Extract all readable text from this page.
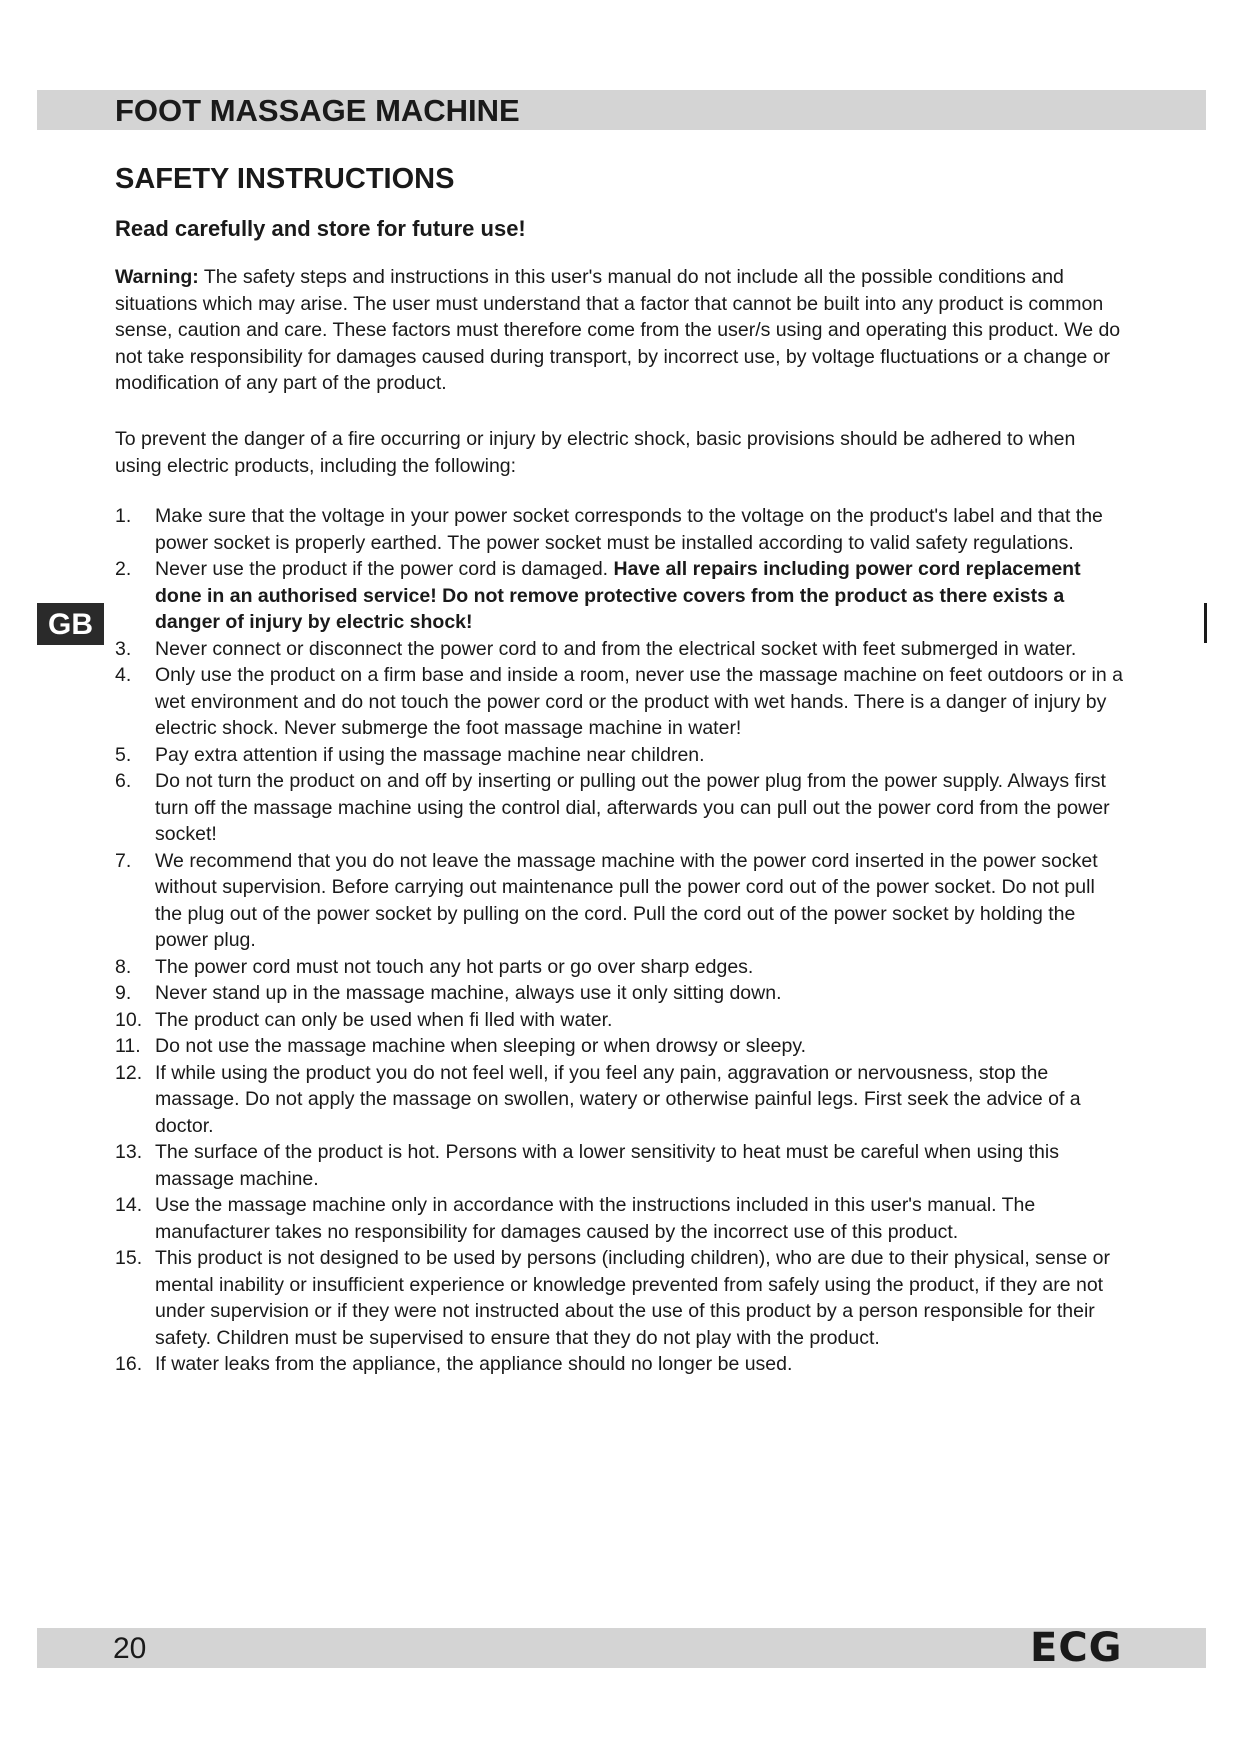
FOOT MASSAGE MACHINE
SAFETY INSTRUCTIONS
Read carefully and store for future use!

Warning: The safety steps and instructions in this user's manual do not include all the possible conditions and situations which may arise. The user must understand that a factor that cannot be built into any product is common sense, caution and care. These factors must therefore come from the user/s using and operating this product. We do not take responsibility for damages caused during transport, by incorrect use, by voltage fluctuations or a change or modification of any part of the product.

To prevent the danger of a fire occurring or injury by electric shock, basic provisions should be adhered to when using electric products, including the following:

1. Make sure that the voltage in your power socket corresponds to the voltage on the product's label and that the power socket is properly earthed. The power socket must be installed according to valid safety regulations.
2. Never use the product if the power cord is damaged. Have all repairs including power cord replacement done in an authorised service! Do not remove protective covers from the product as there exists a danger of injury by electric shock!
3. Never connect or disconnect the power cord to and from the electrical socket with feet submerged in water.
4. Only use the product on a firm base and inside a room, never use the massage machine on feet outdoors or in a wet environment and do not touch the power cord or the product with wet hands. There is a danger of injury by electric shock. Never submerge the foot massage machine in water!
5. Pay extra attention if using the massage machine near children.
6. Do not turn the product on and off by inserting or pulling out the power plug from the power supply. Always first turn off the massage machine using the control dial, afterwards you can pull out the power cord from the power socket!
7. We recommend that you do not leave the massage machine with the power cord inserted in the power socket without supervision. Before carrying out maintenance pull the power cord out of the power socket. Do not pull the plug out of the power socket by pulling on the cord. Pull the cord out of the power socket by holding the power plug.
8. The power cord must not touch any hot parts or go over sharp edges.
9. Never stand up in the massage machine, always use it only sitting down.
10. The product can only be used when fi lled with water.
11. Do not use the massage machine when sleeping or when drowsy or sleepy.
12. If while using the product you do not feel well, if you feel any pain, aggravation or nervousness, stop the massage. Do not apply the massage on swollen, watery or otherwise painful legs. First seek the advice of a doctor.
13. The surface of the product is hot. Persons with a lower sensitivity to heat must be careful when using this massage machine.
14. Use the massage machine only in accordance with the instructions included in this user's manual. The manufacturer takes no responsibility for damages caused by the incorrect use of this product.
15. This product is not designed to be used by persons (including children), who are due to their physical, sense or mental inability or insufficient experience or knowledge prevented from safely using the product, if they are not under supervision or if they were not instructed about the use of this product by a person responsible for their safety. Children must be supervised to ensure that they do not play with the product.
16. If water leaks from the appliance, the appliance should no longer be used.
GB
20	ECG
